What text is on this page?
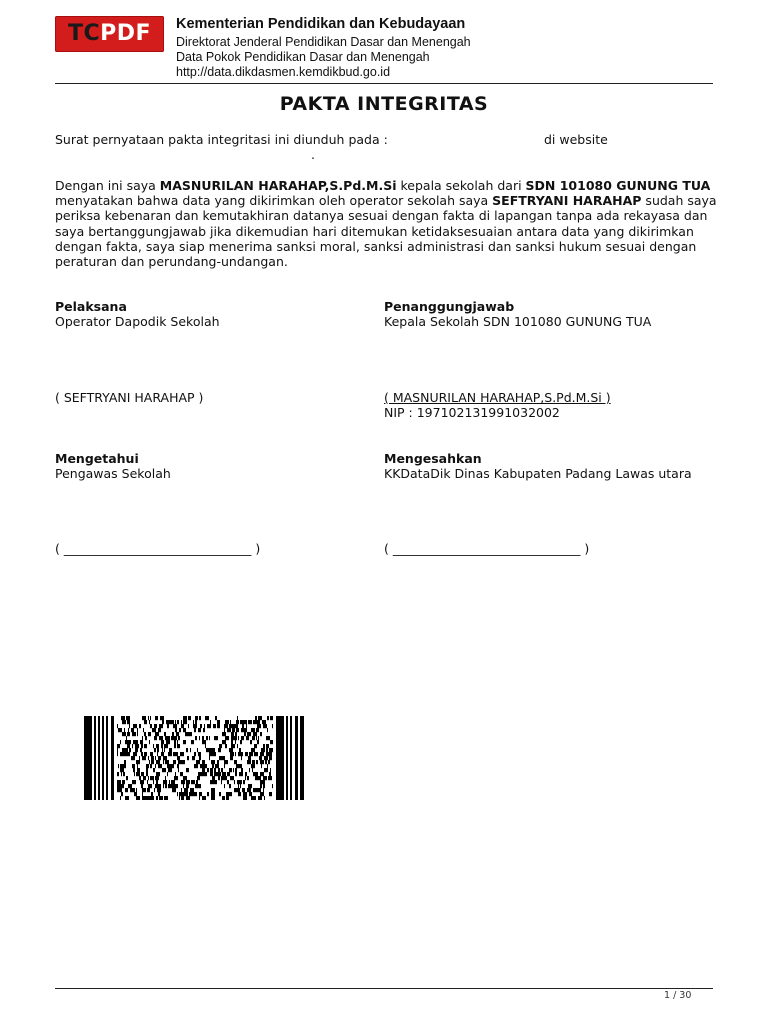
TCPDF	Kementerian Pendidikan dan Kebudayaan
Direktorat Jenderal Pendidikan Dasar dan Menengah
Data Pokok Pendidikan Dasar dan Menengah
http://data.dikdasmen.kemdikbud.go.id
PAKTA INTEGRITAS
Surat pernyataan pakta integritasi ini diunduh pada :	di website
.
Dengan ini saya MASNURILAN HARAHAP,S.Pd.M.Si kepala sekolah dari SDN 101080 GUNUNG TUA menyatakan bahwa data yang dikirimkan oleh operator sekolah saya SEFTRYANI HARAHAP sudah saya periksa kebenaran dan kemutakhiran datanya sesuai dengan fakta di lapangan tanpa ada rekayasa dan saya bertanggungjawab jika dikemudian hari ditemukan ketidaksesuaian antara data yang dikirimkan dengan fakta, saya siap menerima sanksi moral, sanksi administrasi dan sanksi hukum sesuai dengan peraturan dan perundang-undangan.
Pelaksana
Operator Dapodik Sekolah
( SEFTRYANI HARAHAP )
Penanggungjawab
Kepala Sekolah SDN 101080 GUNUNG TUA
( MASNURILAN HARAHAP,S.Pd.M.Si )
NIP : 197102131991032002
Mengetahui
Pengawas Sekolah
( ______________________________ )
Mengesahkan
KKDataDik Dinas Kabupaten Padang Lawas utara
( ______________________________ )
1 / 30
